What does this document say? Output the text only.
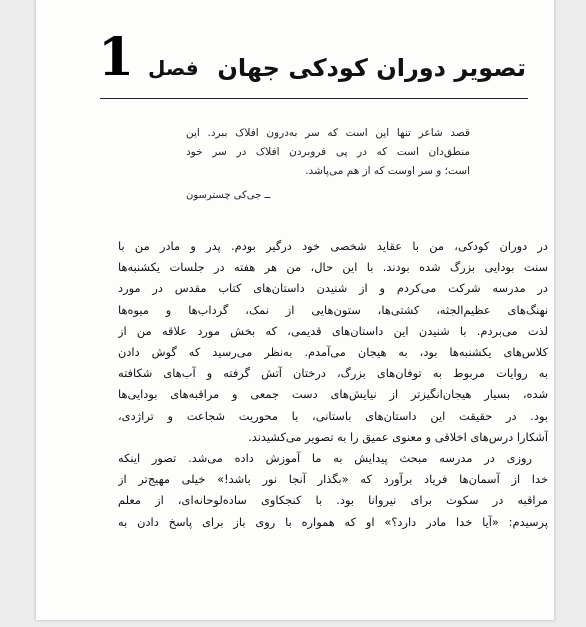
تصویر دوران کودکی جهان
1 فصل
قصد شاعر تنها این است که سر به‌درون افلاک ببرد. این
منطق‌دان است که در پی فروبردن افلاک در سر خود
است؛ و سر اوست که از هم می‌پاشد.
ــ جی‌کی چسترسون

در دوران کودکی، من با عقاید شخصی خود درگیر بودم. پدر و مادر من با
سنت بودایی بزرگ شده بودند. با این حال، من هر هفته در جلسات یکشنبه‌ها
در مدرسه شرکت می‌کردم و از شنیدن داستان‌های کتاب مقدس در مورد
نهنگ‌های عظیم‌الجثه، کشتی‌ها، ستون‌هایی از نمک، گرداب‌ها و میوه‌ها
لذت می‌بردم. با شنیدن این داستان‌های قدیمی، که بخش مورد علاقه من از
کلاس‌های یکشنبه‌ها بود، به هیجان می‌آمدم. به‌نظر می‌رسید که گوش دادن
به روایات مربوط به توفان‌های بزرگ، درختان آتش گرفته و آب‌های شکافته
شده، بسیار هیجان‌انگیزتر از نیایش‌های دست جمعی و مراقبه‌های بودایی‌ها
بود. در حقیقت این داستان‌های باستانی، با محوریت شجاعت و تراژدی،
آشکارا درس‌های اخلاقی و معنوی عمیق را به تصویر می‌کشیدند.

روزی در مدرسه مبحث پیدایش به ما آموزش داده می‌شد. تصور اینکه
خدا از آسمان‌ها فریاد برآورد که «بگذار آنجا نور باشد!» خیلی مهیج‌تر از
مراقبه در سکوت برای نیروانا بود. با کنجکاوی ساده‌لوحانه‌ای، از معلم
پرسیدم: «آیا خدا مادر دارد؟» او که همواره با روی باز برای پاسخ دادن به
